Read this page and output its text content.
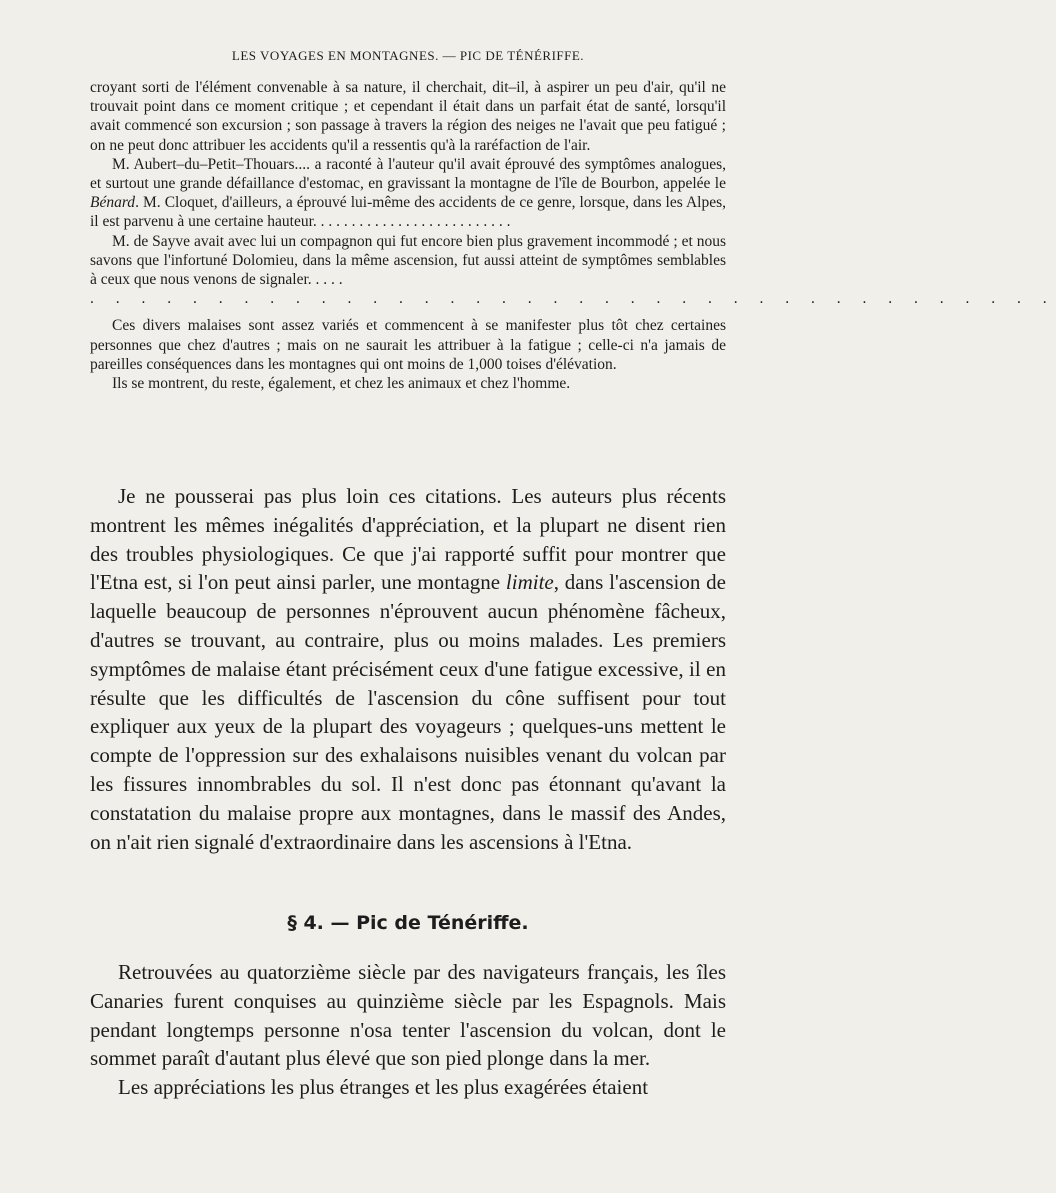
LES VOYAGES EN MONTAGNES. — PIC DE TÉNÉRIFFE.

croyant sorti de l'élément convenable à sa nature, il cherchait, dit–il, à aspirer un peu d'air, qu'il ne trouvait point dans ce moment critique ; et cependant il était dans un parfait état de santé, lorsqu'il avait commencé son excursion ; son passage à travers la région des neiges ne l'avait que peu fatigué ; on ne peut donc attribuer les accidents qu'il a ressentis qu'à la raréfaction de l'air.

M. Aubert–du–Petit–Thouars.... a raconté à l'auteur qu'il avait éprouvé des symptômes analogues, et surtout une grande défaillance d'estomac, en gravissant la montagne de l'île de Bourbon, appelée le Bénard. M. Cloquet, d'ailleurs, a éprouvé lui-même des accidents de ce genre, lorsque, dans les Alpes, il est parvenu à une certaine hauteur. . . . . . . . . . . . . . . . . . . . . . . . . .

M. de Sayve avait avec lui un compagnon qui fut encore bien plus gravement incommodé ; et nous savons que l'infortuné Dolomieu, dans la même ascension, fut aussi atteint de symptômes semblables à ceux que nous venons de signaler. . . . .

. . . . . . . . . . . . . . . . . . . . . . . . . . . . . . . . . . . . . .

Ces divers malaises sont assez variés et commencent à se manifester plus tôt chez certaines personnes que chez d'autres ; mais on ne saurait les attribuer à la fatigue ; celle-ci n'a jamais de pareilles conséquences dans les montagnes qui ont moins de 1,000 toises d'élévation.

Ils se montrent, du reste, également, et chez les animaux et chez l'homme.

Je ne pousserai pas plus loin ces citations. Les auteurs plus récents montrent les mêmes inégalités d'appréciation, et la plupart ne disent rien des troubles physiologiques. Ce que j'ai rapporté suffit pour montrer que l'Etna est, si l'on peut ainsi parler, une montagne limite, dans l'ascension de laquelle beaucoup de personnes n'éprouvent aucun phénomène fâcheux, d'autres se trouvant, au contraire, plus ou moins malades. Les premiers symptômes de malaise étant précisément ceux d'une fatigue excessive, il en résulte que les difficultés de l'ascension du cône suffisent pour tout expliquer aux yeux de la plupart des voyageurs ; quelques-uns mettent le compte de l'oppression sur des exhalaisons nuisibles venant du volcan par les fissures innombrables du sol. Il n'est donc pas étonnant qu'avant la constatation du malaise propre aux montagnes, dans le massif des Andes, on n'ait rien signalé d'extraordinaire dans les ascensions à l'Etna.

§ 4. — Pic de Ténériffe.

Retrouvées au quatorzième siècle par des navigateurs français, les îles Canaries furent conquises au quinzième siècle par les Espagnols. Mais pendant longtemps personne n'osa tenter l'ascension du volcan, dont le sommet paraît d'autant plus élevé que son pied plonge dans la mer.

Les appréciations les plus étranges et les plus exagérées étaient
